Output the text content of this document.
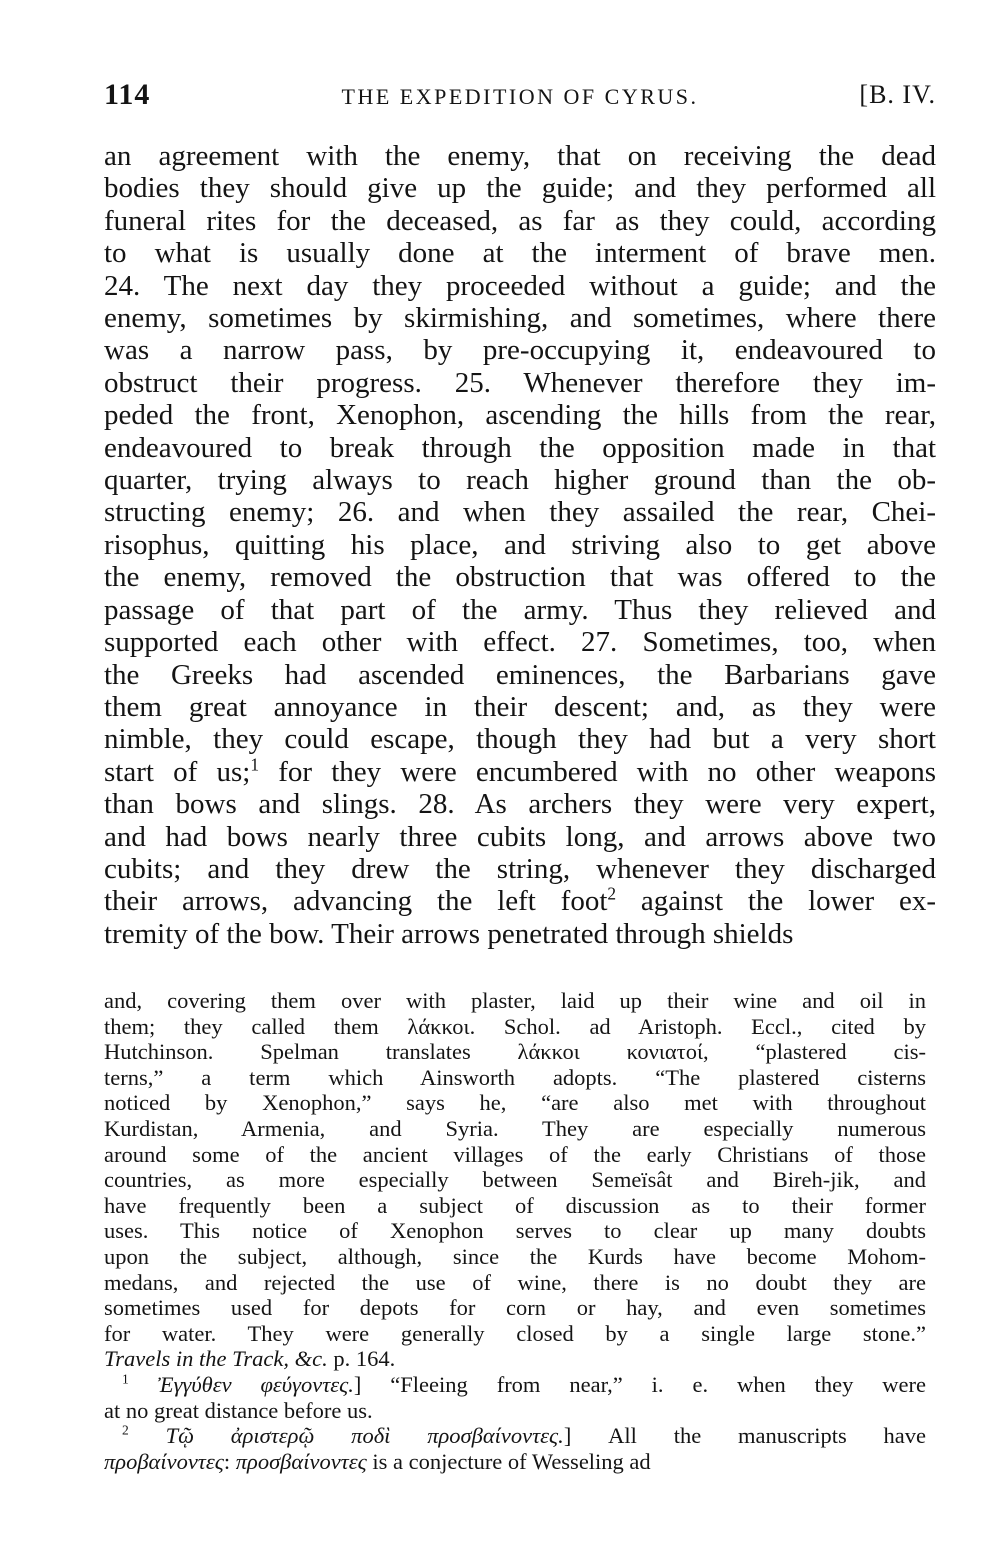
114	THE EXPEDITION OF CYRUS.	[B. IV.
an agreement with the enemy, that on receiving the dead
bodies they should give up the guide; and they performed all
funeral rites for the deceased, as far as they could, according
to what is usually done at the interment of brave men.
24. The next day they proceeded without a guide; and the
enemy, sometimes by skirmishing, and sometimes, where there
was a narrow pass, by pre-occupying it, endeavoured to
obstruct their progress. 25. Whenever therefore they im-
peded the front, Xenophon, ascending the hills from the rear,
endeavoured to break through the opposition made in that
quarter, trying always to reach higher ground than the ob-
structing enemy; 26. and when they assailed the rear, Chei-
risophus, quitting his place, and striving also to get above
the enemy, removed the obstruction that was offered to the
passage of that part of the army. Thus they relieved and
supported each other with effect. 27. Sometimes, too, when
the Greeks had ascended eminences, the Barbarians gave
them great annoyance in their descent; and, as they were
nimble, they could escape, though they had but a very short
start of us;$^1$ for they were encumbered with no other weapons
than bows and slings. 28. As archers they were very expert,
and had bows nearly three cubits long, and arrows above two
cubits; and they drew the string, whenever they discharged
their arrows, advancing the left foot$^2$ against the lower ex-
tremity of the bow. Their arrows penetrated through shields
and, covering them over with plaster, laid up their wine and oil in
them; they called them λάκκοι. Schol. ad Aristoph. Eccl., cited by
Hutchinson. Spelman translates λάκκοι κονιατοί, “plastered cis-
terns,” a term which Ainsworth adopts. “The plastered cisterns
noticed by Xenophon,” says he, “are also met with throughout
Kurdistan, Armenia, and Syria. They are especially numerous
around some of the ancient villages of the early Christians of those
countries, as more especially between Semeïsât and Bireh-jik, and
have frequently been a subject of discussion as to their former
uses. This notice of Xenophon serves to clear up many doubts
upon the subject, although, since the Kurds have become Mohom-
medans, and rejected the use of wine, there is no doubt they are
sometimes used for depots for corn or hay, and even sometimes
for water. They were generally closed by a single large stone.”
Travels in the Track, &c. p. 164.
$^1$ Ἐγγύθεν φεύγοντες.] “Fleeing from near,” i. e. when they were
at no great distance before us.
$^2$ Τῷ ἀριστερῷ ποδὶ προσβαίνοντες.] All the manuscripts have
προβαίνοντες: προσβαίνοντες is a conjecture of Wesseling ad
